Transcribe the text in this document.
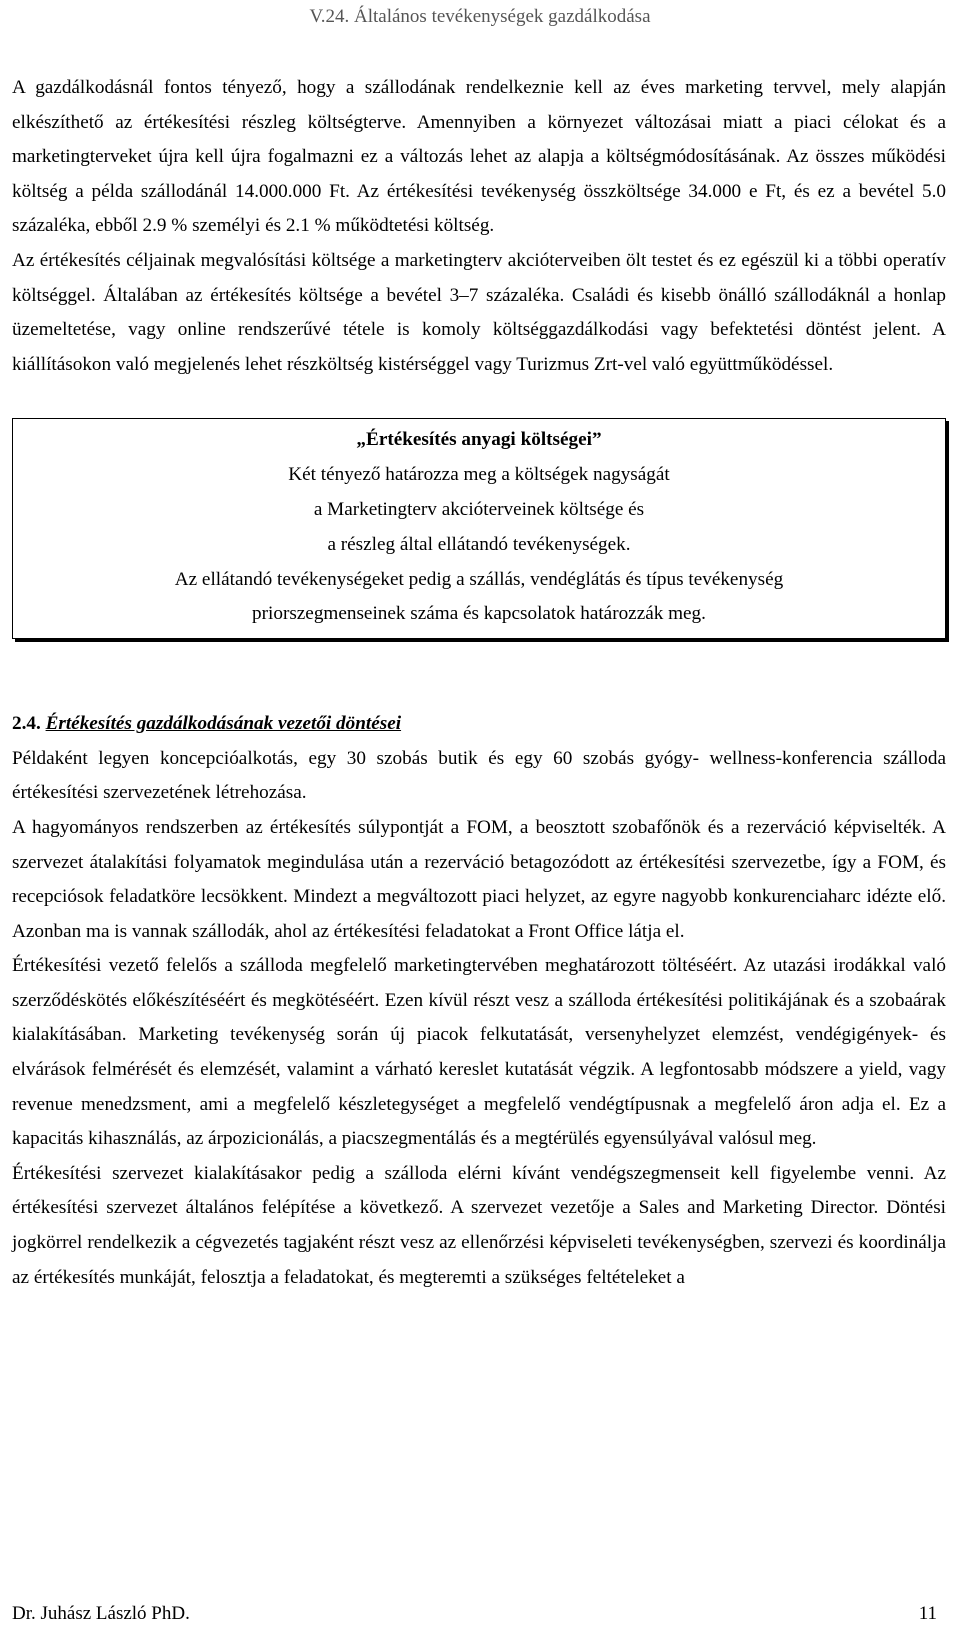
V.24. Általános tevékenységek gazdálkodása

A gazdálkodásnál fontos tényező, hogy a szállodának rendelkeznie kell az éves marketing tervvel, mely alapján elkészíthető az értékesítési részleg költségterve. Amennyiben a környezet változásai miatt a piaci célokat és a marketingterveket újra kell újra fogalmazni ez a változás lehet az alapja a költségmódosításának. Az összes működési költség a példa szállodánál 14.000.000 Ft. Az értékesítési tevékenység összköltsége 34.000 e Ft, és ez a bevétel 5.0 százaléka, ebből 2.9 % személyi és 2.1 % működtetési költség.

Az értékesítés céljainak megvalósítási költsége a marketingterv akcióterveiben ölt testet és ez egészül ki a többi operatív költséggel. Általában az értékesítés költsége a bevétel 3–7 százaléka. Családi és kisebb önálló szállodáknál a honlap üzemeltetése, vagy online rendszerűvé tétele is komoly költséggazdálkodási vagy befektetési döntést jelent. A kiállításokon való megjelenés lehet részköltség kistérséggel vagy Turizmus Zrt-vel való együttműködéssel.

„Értékesítés anyagi költségei”
Két tényező határozza meg a költségek nagyságát
a Marketingterv akcióterveinek költsége és
a részleg által ellátandó tevékenységek.
Az ellátandó tevékenységeket pedig a szállás, vendéglátás és típus tevékenység
priorszegmenseinek száma és kapcsolatok határozzák meg.
2.4. Értékesítés gazdálkodásának vezetői döntései

Példaként legyen koncepcióalkotás, egy 30 szobás butik és egy 60 szobás gyógy- wellness-konferencia szálloda értékesítési szervezetének létrehozása.

A hagyományos rendszerben az értékesítés súlypontját a FOM, a beosztott szobafőnök és a rezerváció képviselték. A szervezet átalakítási folyamatok megindulása után a rezerváció betagozódott az értékesítési szervezetbe, így a FOM, és recepciósok feladatköre lecsökkent. Mindezt a megváltozott piaci helyzet, az egyre nagyobb konkurenciaharc idézte elő. Azonban ma is vannak szállodák, ahol az értékesítési feladatokat a Front Office látja el.

Értékesítési vezető felelős a szálloda megfelelő marketingtervében meghatározott töltéséért. Az utazási irodákkal való szerződéskötés előkészítéséért és megkötéséért. Ezen kívül részt vesz a szálloda értékesítési politikájának és a szobaárak kialakításában. Marketing tevékenység során új piacok felkutatását, versenyhelyzet elemzést, vendégigények- és elvárások felmérését és elemzését, valamint a várható kereslet kutatását végzik. A legfontosabb módszere a yield, vagy revenue menedzsment, ami a megfelelő készletegységet a megfelelő vendégtípusnak a megfelelő áron adja el. Ez a kapacitás kihasználás, az árpozicionálás, a piacszegmentálás és a megtérülés egyensúlyával valósul meg.

Értékesítési szervezet kialakításakor pedig a szálloda elérni kívánt vendégszegmenseit kell figyelembe venni. Az értékesítési szervezet általános felépítése a következő. A szervezet vezetője a Sales and Marketing Director. Döntési jogkörrel rendelkezik a cégvezetés tagjaként részt vesz az ellenőrzési képviseleti tevékenységben, szervezi és koordinálja az értékesítés munkáját, felosztja a feladatokat, és megteremti a szükséges feltételeket a

Dr. Juhász László PhD.	11
